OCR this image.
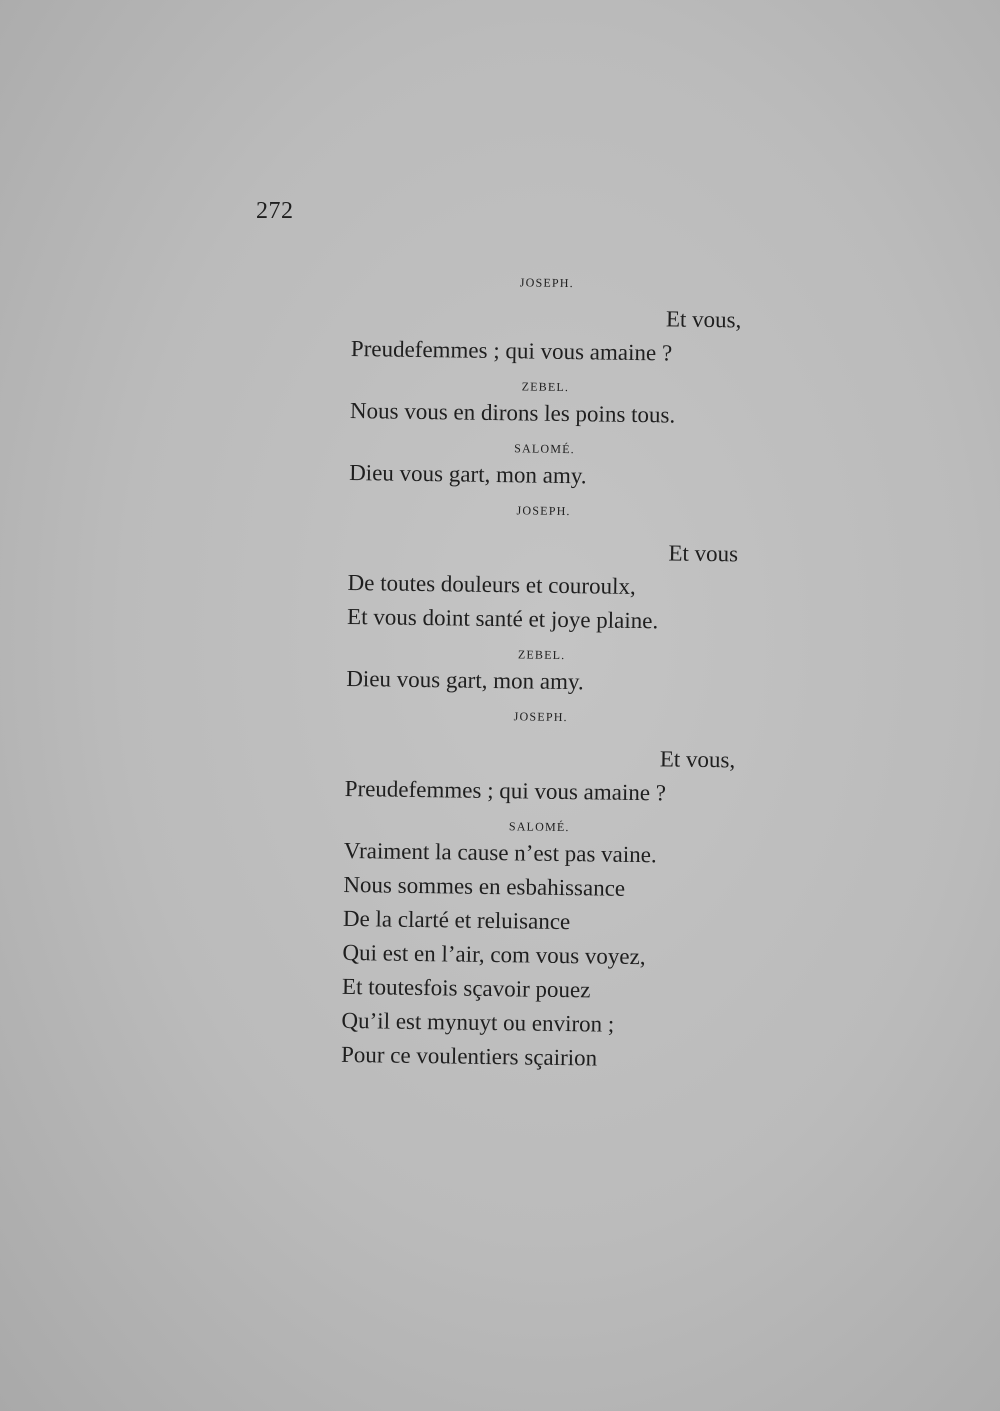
272

JOSEPH.

Et vous,

Preudefemmes ; qui vous amaine ?

ZEBEL.

Nous vous en dirons les poins tous.

SALOMÉ.

Dieu vous gart, mon amy.

JOSEPH.

Et vous

De toutes douleurs et couroulx,

Et vous doint santé et joye plaine.

ZEBEL.

Dieu vous gart, mon amy.

JOSEPH.

Et vous,

Preudefemmes ; qui vous amaine ?

SALOMÉ.

Vraiment la cause n’est pas vaine.

Nous sommes en esbahissance

De la clarté et reluisance

Qui est en l’air, com vous voyez,

Et toutesfois sçavoir pouez

Qu’il est mynuyt ou environ ;

Pour ce voulentiers sçairion
